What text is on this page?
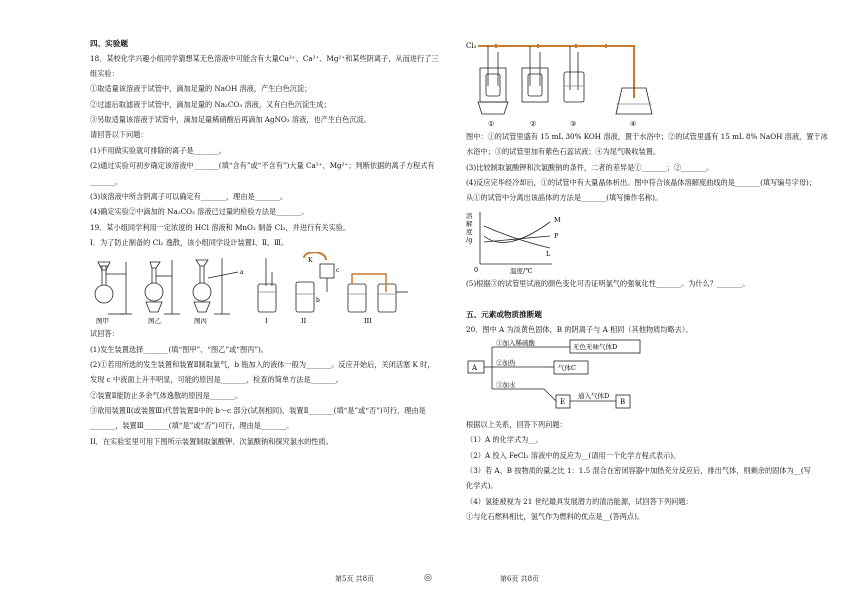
四、实验题
18．某校化学兴趣小组同学猜想某无色溶液中可能含有大量Cu²⁺、Ca²⁺、Mg²⁺和某些阴离子，从而进行了三
组实验：
①取适量该溶液于试管中，滴加足量的 NaOH 溶液，产生白色沉淀；
②过滤后取滤液于试管中，滴加足量的 Na₂CO₃ 溶液，又有白色沉淀生成；
③另取适量该溶液于试管中，滴加足量稀硝酸后再滴加 AgNO₃ 溶液，也产生白色沉淀。
请回答以下问题：
(1)不用做实验就可排除的离子是_______。
(2)通过实验可初步确定该溶液中_______(填“含有”或“不含有”)大量 Ca²⁺、Mg²⁺；判断依据的离子方程式有
_______。
(3)该溶液中所含阴离子可以确定有_______，理由是_______。
(4)确定实验②中滴加的 Na₂CO₃ 溶液已过量的检验方法是_______。
19．某小组同学利用一定浓度的 HCl 溶液和 MnO₂ 制备 Cl₂，并进行有关实验。
I．为了防止制备的 Cl₂ 逸散，该小组同学设计装置Ⅰ、Ⅱ、Ⅲ。
a
b
c
K
图甲	图乙	图丙	I	II	III
试回答：
(1)发生装置选择_______(填“图甲”、“图乙”或“图丙”)。
(2)①若用所选的发生装置和装置Ⅱ制取氯气，b 瓶加入的液体一般为_______。反应开始后，关闭活塞 K 时，
发现 c 中液面上升不明显，可能的原因是_______，检查的简单方法是_______。
②装置Ⅱ能防止多余气体逸散的原因是_______。
③欲用装置Ⅱ(或装置Ⅲ)代替装置Ⅱ中的 b～c 部分(试剂相同)，装置Ⅱ_______(填“是”或“否”)可行，理由是
_______，装置Ⅲ_______(填“是”或“否”)可行，理由是_______。
II．在实验室里可用下图所示装置制取氯酸钾、次氯酸钠和探究氯水的性质。
第5页 共8页	◎
Cl₂
①	②	③	④
图中：①的试管里盛有 15 mL 30% KOH 溶液，置于水浴中；②的试管里盛有 15 mL 8% NaOH 溶液，置于冰
水浴中；③的试管里加有紫色石蕊试液；④为尾气吸收装置。
(3)比较制取氯酸钾和次氯酸钠的条件，二者的差异是①_______；②_______。
(4)反应完毕经冷却后，①的试管中有大量晶体析出。图中符合该晶体溶解度曲线的是_______(填写编号字母)；
从①的试管中分离出该晶体的方法是_______(填写操作名称)。
溶
解
度
/g
M
P
L
0	温度/℃
(5)根据③的试管里试液的颜色变化可否证明氯气的强氧化性_______。为什么？_______。
五、元素或物质推断题
20．图中 A 为淡黄色固体，B 的阴离子与 A 相同（其他物质均略去）。
A
①加入稀硫酸
②加热
③加水
无色无味气体D
气体C
E
通入气体D
B
根据以上关系，回答下列问题：
（1）A 的化学式为__。
（2）A 投入 FeCl₂ 溶液中的反应为__(请用一个化学方程式表示)。
（3）若 A、B 按物质的量之比 1：1.5 混合在密闭容器中加热充分反应后，排出气体，则剩余的固体为__(写
化学式)。
（4）氢能被视为 21 世纪最具发展潜力的清洁能源，试回答下列问题：
①与化石燃料相比，氢气作为燃料的优点是__(答两点)。
第6页 共8页
